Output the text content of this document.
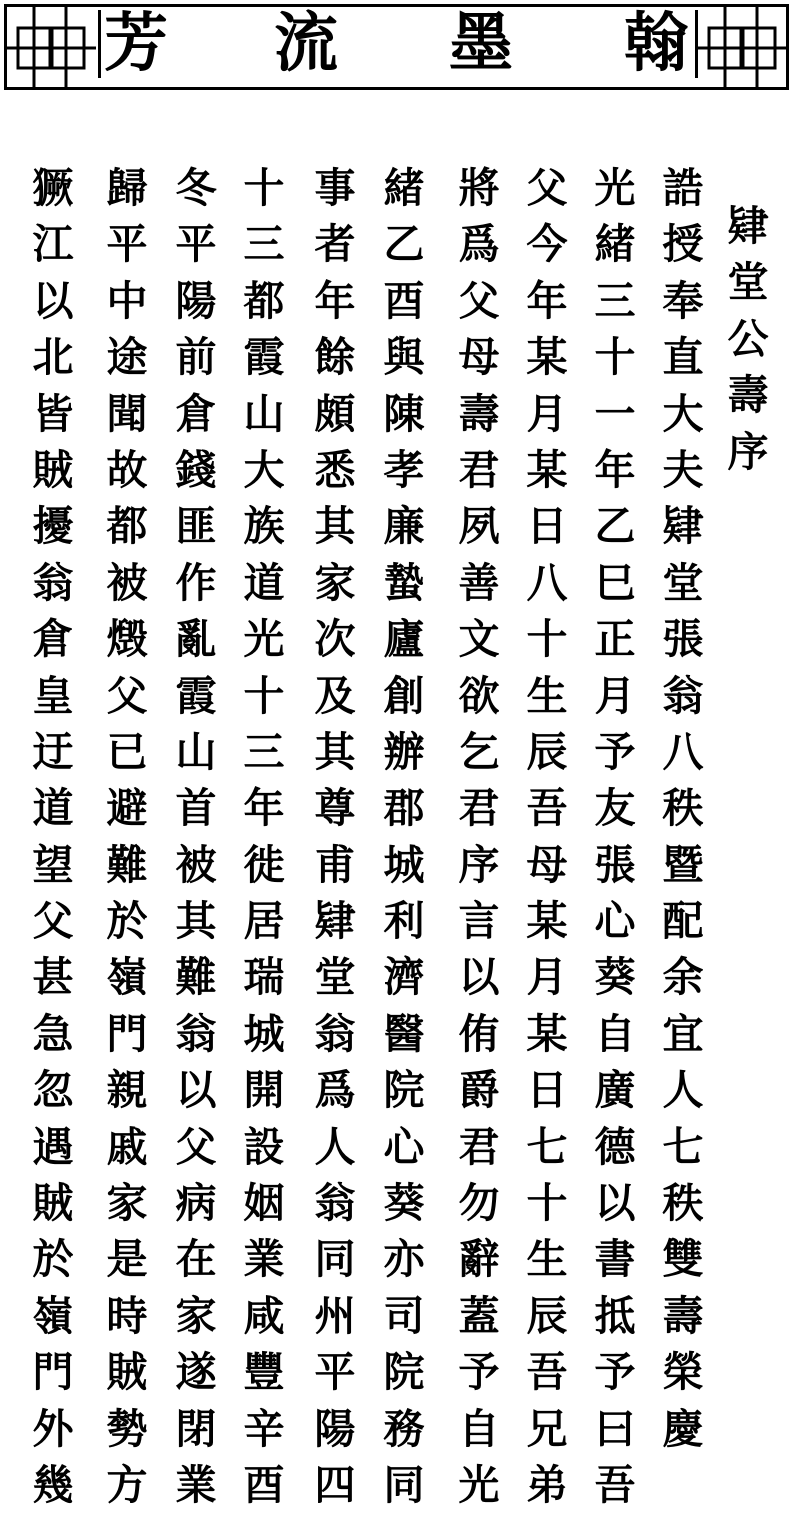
芳 流 墨 翰
肄
堂
公
壽
序
誥
授
奉
直
大
夫
肄
堂
張
翁
八
秩
暨
配
余
宜
人
七
秩
雙
壽
榮
慶
光
緒
三
十
一
年
乙
巳
正
月
予
友
張
心
葵
自
廣
德
以
書
抵
予
曰
吾
父
今
年
某
月
某
日
八
十
生
辰
吾
母
某
月
某
日
七
十
生
辰
吾
兄
弟
將
爲
父
母
壽
君
夙
善
文
欲
乞
君
序
言
以
侑
爵
君
勿
辭
蓋
予
自
光
緒
乙
酉
與
陳
孝
廉
蟄
廬
創
辦
郡
城
利
濟
醫
院
心
葵
亦
司
院
務
同
事
者
年
餘
頗
悉
其
家
次
及
其
尊
甫
肄
堂
翁
爲
人
翁
同
州
平
陽
四
十
三
都
霞
山
大
族
道
光
十
三
年
徙
居
瑞
城
開
設
姻
業
咸
豐
辛
酉
冬
平
陽
前
倉
錢
匪
作
亂
霞
山
首
被
其
難
翁
以
父
病
在
家
遂
閉
業
歸
平
中
途
聞
故
都
被
燬
父
已
避
難
於
嶺
門
親
戚
家
是
時
賊
勢
方
獗
江
以
北
皆
賊
擾
翁
倉
皇
迂
道
望
父
甚
急
忽
遇
賊
於
嶺
門
外
幾
